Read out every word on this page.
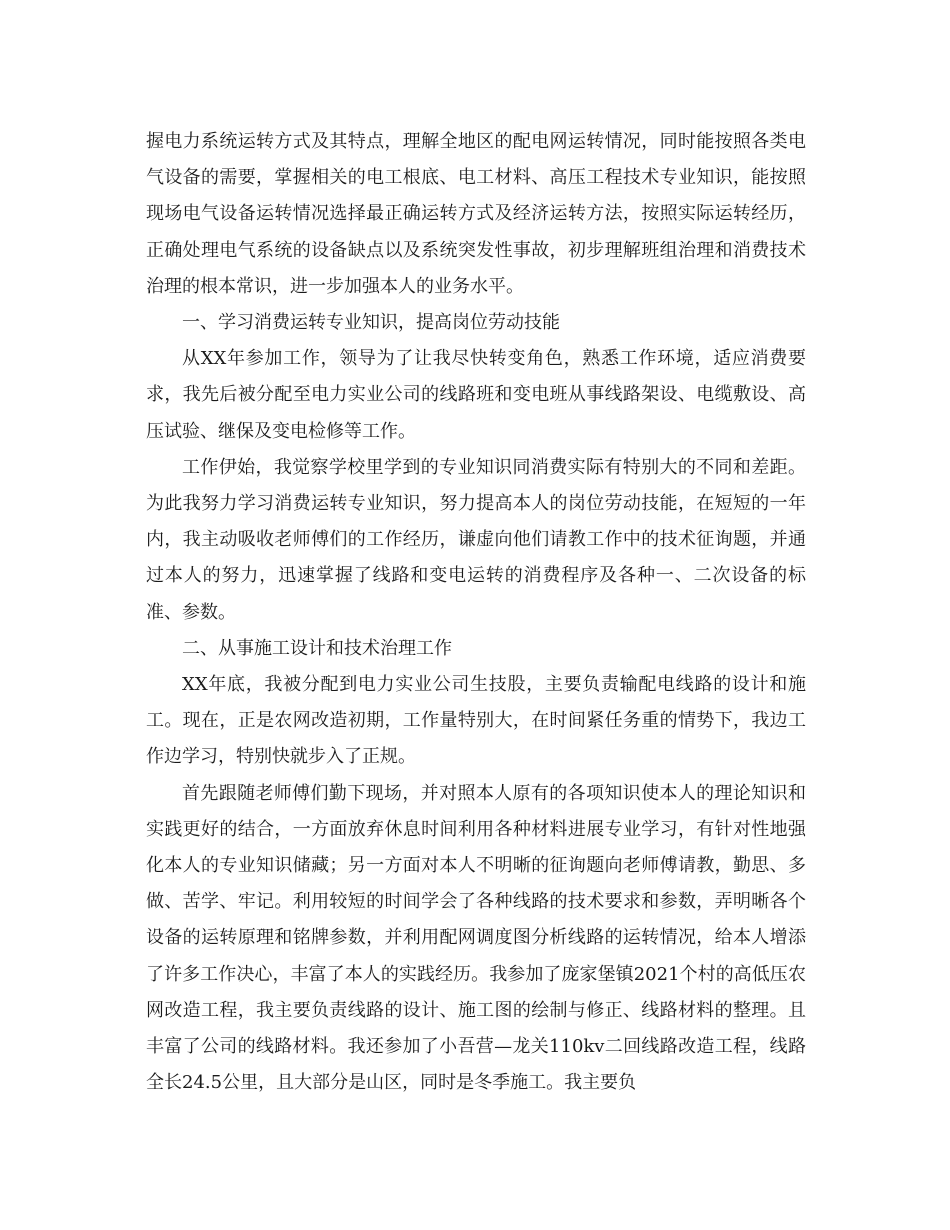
握电力系统运转方式及其特点，理解全地区的配电网运转情况，同时能按照各类电气设备的需要，掌握相关的电工根底、电工材料、高压工程技术专业知识，能按照现场电气设备运转情况选择最正确运转方式及经济运转方法，按照实际运转经历，正确处理电气系统的设备缺点以及系统突发性事故，初步理解班组治理和消费技术治理的根本常识，进一步加强本人的业务水平。

一、学习消费运转专业知识，提高岗位劳动技能

从XX年参加工作，领导为了让我尽快转变角色，熟悉工作环境，适应消费要求，我先后被分配至电力实业公司的线路班和变电班从事线路架设、电缆敷设、高压试验、继保及变电检修等工作。

工作伊始，我觉察学校里学到的专业知识同消费实际有特别大的不同和差距。为此我努力学习消费运转专业知识，努力提高本人的岗位劳动技能，在短短的一年内，我主动吸收老师傅们的工作经历，谦虚向他们请教工作中的技术征询题，并通过本人的努力，迅速掌握了线路和变电运转的消费程序及各种一、二次设备的标准、参数。

二、从事施工设计和技术治理工作

XX年底，我被分配到电力实业公司生技股，主要负责输配电线路的设计和施工。现在，正是农网改造初期，工作量特别大，在时间紧任务重的情势下，我边工作边学习，特别快就步入了正规。

首先跟随老师傅们勤下现场，并对照本人原有的各项知识使本人的理论知识和实践更好的结合，一方面放弃休息时间利用各种材料进展专业学习，有针对性地强化本人的专业知识储藏；另一方面对本人不明晰的征询题向老师傅请教，勤思、多做、苦学、牢记。利用较短的时间学会了各种线路的技术要求和参数，弄明晰各个设备的运转原理和铭牌参数，并利用配网调度图分析线路的运转情况，给本人增添了许多工作决心，丰富了本人的实践经历。我参加了庞家堡镇2021个村的高低压农网改造工程，我主要负责线路的设计、施工图的绘制与修正、线路材料的整理。且丰富了公司的线路材料。我还参加了小吾营—龙关110kv二回线路改造工程，线路全长24.5公里，且大部分是山区，同时是冬季施工。我主要负
